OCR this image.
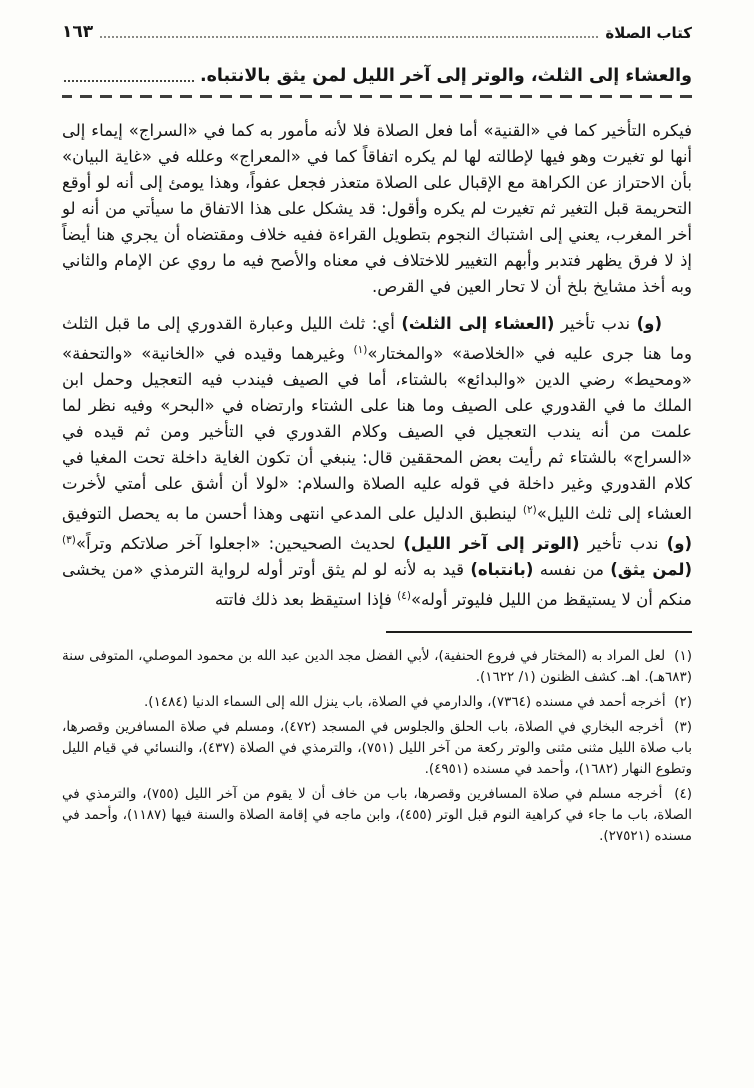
كتاب الصلاة
١٦٣
والعشاء إلى الثلث، والوتر إلى آخر الليل لمن يثق بالانتباه.

فيكره التأخير كما في «القنية» أما فعل الصلاة فلا لأنه مأمور به كما في «السراج» إيماء إلى أنها لو تغيرت وهو فيها لإطالته لها لم يكره اتفاقاً كما في «المعراج» وعلله في «غاية البيان» بأن الاحتراز عن الكراهة مع الإقبال على الصلاة متعذر فجعل عفواً، وهذا يومئ إلى أنه لو أوقع التحريمة قبل التغير ثم تغيرت لم يكره وأقول: قد يشكل على هذا الاتفاق ما سيأتي من أنه لو أخر المغرب، يعني إلى اشتباك النجوم بتطويل القراءة ففيه خلاف ومقتضاه أن يجري هنا أيضاً إذ لا فرق يظهر فتدبر وأبهم التغيير للاختلاف في معناه والأصح فيه ما روي عن الإمام والثاني وبه أخذ مشايخ بلخ أن لا تحار العين في القرص.

(و) ندب تأخير (العشاء إلى الثلث) أي: ثلث الليل وعبارة القدوري إلى ما قبل الثلث وما هنا جرى عليه في «الخلاصة» «والمختار»$^{(١)}$ وغيرهما وقيده في «الخانية» «والتحفة» «ومحيط» رضي الدين «والبدائع» بالشتاء، أما في الصيف فيندب فيه التعجيل وحمل ابن الملك ما في القدوري على الصيف وما هنا على الشتاء وارتضاه في «البحر» وفيه نظر لما علمت من أنه يندب التعجيل في الصيف وكلام القدوري في التأخير ومن ثم قيده في «السراج» بالشتاء ثم رأيت بعض المحققين قال: ينبغي أن تكون الغاية داخلة تحت المغيا في كلام القدوري وغير داخلة في قوله عليه الصلاة والسلام: «لولا أن أشق على أمتي لأخرت العشاء إلى ثلث الليل»$^{(٢)}$ لينطبق الدليل على المدعي انتهى وهذا أحسن ما به يحصل التوفيق (و) ندب تأخير (الوتر إلى آخر الليل) لحديث الصحيحين: «اجعلوا آخر صلاتكم وتراً»$^{(٣)}$ (لمن يثق) من نفسه (بانتباه) قيد به لأنه لو لم يثق أوتر أوله لرواية الترمذي «من يخشى منكم أن لا يستيقظ من الليل فليوتر أوله»$^{(٤)}$ فإذا استيقظ بعد ذلك فاتته

(١)  لعل المراد به (المختار في فروع الحنفية)، لأبي الفضل مجد الدين عبد الله بن محمود الموصلي، المتوفى سنة (٦٨٣هـ). اهـ. كشف الظنون (١/ ١٦٢٢).

(٢)  أخرجه أحمد في مسنده (٧٣٦٤)، والدارمي في الصلاة، باب ينزل الله إلى السماء الدنيا (١٤٨٤).

(٣)  أخرجه البخاري في الصلاة، باب الحلق والجلوس في المسجد (٤٧٢)، ومسلم في صلاة المسافرين وقصرها، باب صلاة الليل مثنى مثنى والوتر ركعة من آخر الليل (٧٥١)، والترمذي في الصلاة (٤٣٧)، والنسائي في قيام الليل وتطوع النهار (١٦٨٢)، وأحمد في مسنده (٤٩٥١).

(٤)  أخرجه مسلم في صلاة المسافرين وقصرها، باب من خاف أن لا يقوم من آخر الليل (٧٥٥)، والترمذي في الصلاة، باب ما جاء في كراهية النوم قبل الوتر (٤٥٥)، وابن ماجه في إقامة الصلاة والسنة فيها (١١٨٧)، وأحمد في مسنده (٢٧٥٢١).
